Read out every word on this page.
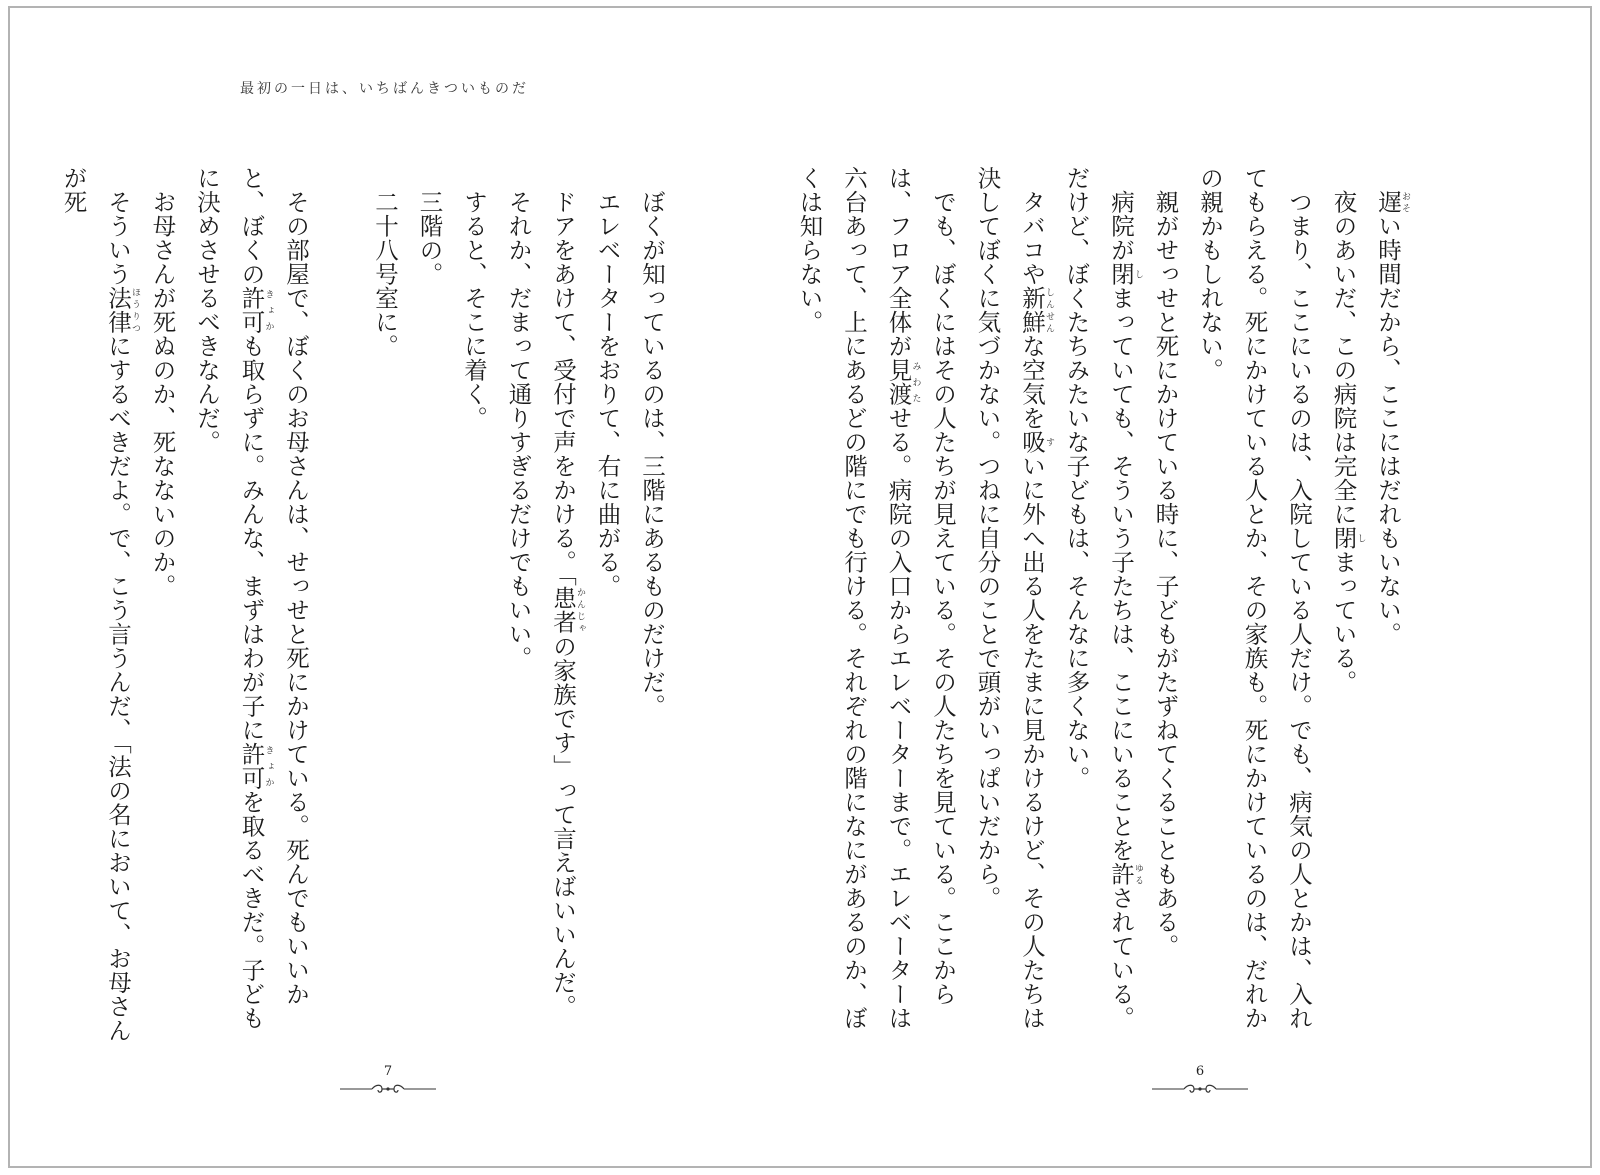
最初の一日は、いちばんきついものだ

ぼくが知っているのは、三階にあるものだけだ。

エレベーターをおりて、右に曲がる。

ドアをあけて、受付で声をかける。「患者かんじゃの家族です」って言えばいいんだ。

それか、だまって通りすぎるだけでもいい。

すると、そこに着く。

三階の。

二十八号室に。

その部屋で、ぼくのお母さんは、せっせと死にかけている。死んでもいいかと、ぼくの許可きょかも取らずに。みんな、まずはわが子に許可きょかを取るべきだ。子どもに決めさせるべきなんだ。

お母さんが死ぬのか、死なないのか。

そういう法律ほうりつにするべきだよ。で、こう言うんだ、「法の名において、お母さんが死	遅おそい時間だから、ここにはだれもいない。

夜のあいだ、この病院は完全に閉しまっている。

つまり、ここにいるのは、入院している人だけ。でも、病気の人とかは、入れてもらえる。死にかけている人とか、その家族も。死にかけているのは、だれかの親かもしれない。

親がせっせと死にかけている時に、子どもがたずねてくることもある。

病院が閉しまっていても、そういう子たちは、ここにいることを許ゆるされている。だけど、ぼくたちみたいな子どもは、そんなに多くない。

タバコや新鮮しんせんな空気を吸すいに外へ出る人をたまに見かけるけど、その人たちは決してぼくに気づかない。つねに自分のことで頭がいっぱいだから。

でも、ぼくにはその人たちが見えている。その人たちを見ている。ここからは、フロア全体が見渡みわたせる。病院の入口からエレベーターまで。エレベーターは六台あって、上にあるどの階にでも行ける。それぞれの階になにがあるのか、ぼくは知らない。

7	6
